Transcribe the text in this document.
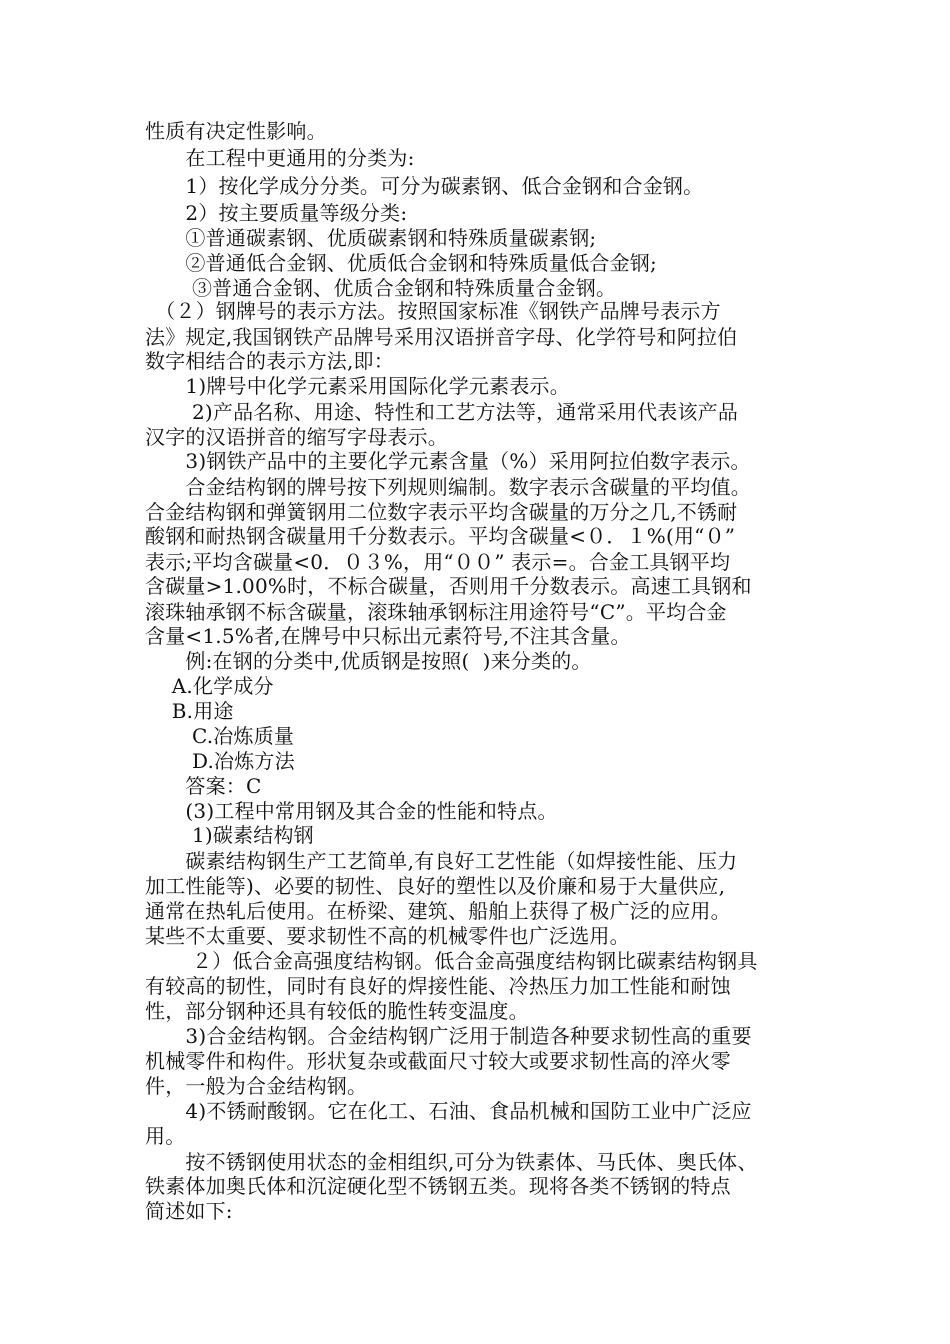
性质有决定性影响。
　　在工程中更通用的分类为:
　　1）按化学成分分类。可分为碳素钢、低合金钢和合金钢。
　　2）按主要质量等级分类:
　　①普通碳素钢、优质碳素钢和特殊质量碳素钢;
　　②普通低合金钢、优质低合金钢和特殊质量低合金钢;
　　 ③普通合金钢、优质合金钢和特殊质量合金钢。
　（２）钢牌号的表示方法。按照国家标准《钢铁产品牌号表示方
法》规定,我国钢铁产品牌号采用汉语拼音字母、化学符号和阿拉伯
数字相结合的表示方法,即：
　　1)牌号中化学元素采用国际化学元素表示。
　　 2)产品名称、用途、特性和工艺方法等，通常采用代表该产品
汉字的汉语拼音的缩写字母表示。
　　3)钢铁产品中的主要化学元素含量（%）采用阿拉伯数字表示。
　　合金结构钢的牌号按下列规则编制。数字表示含碳量的平均值。
合金结构钢和弹簧钢用二位数字表示平均含碳量的万分之几,不锈耐
酸钢和耐热钢含碳量用千分数表示。平均含碳量<０．１%(用“０”
表示;平均含碳量<0．０３%，用“００” 表示=。合金工具钢平均
含碳量>1.00%时，不标合碳量，否则用千分数表示。高速工具钢和
滚珠轴承钢不标含碳量，滚珠轴承钢标注用途符号“C”。平均合金
含量<1.5%者,在牌号中只标出元素符号,不注其含量。
　　例:在钢的分类中,优质钢是按照(  )来分类的。
　 A.化学成分
　 B.用途
　　 C.冶炼质量
　　 D.冶炼方法
　　答案：C
　　(3)工程中常用钢及其合金的性能和特点。
　　 1)碳素结构钢
　　碳素结构钢生产工艺简单,有良好工艺性能（如焊接性能、压力
加工性能等)、必要的韧性、良好的塑性以及价廉和易于大量供应,
通常在热轧后使用。在桥梁、建筑、船舶上获得了极广泛的应用。
某些不太重要、要求韧性不高的机械零件也广泛选用。
　　 ２）低合金高强度结构钢。低合金高强度结构钢比碳素结构钢具
有较高的韧性，同时有良好的焊接性能、冷热压力加工性能和耐蚀
性，部分钢种还具有较低的脆性转变温度。
　　3)合金结构钢。合金结构钢广泛用于制造各种要求韧性高的重要
机械零件和构件。形状复杂或截面尺寸较大或要求韧性高的淬火零
件，一般为合金结构钢。
　　4)不锈耐酸钢。它在化工、石油、食品机械和国防工业中广泛应
用。
　　按不锈钢使用状态的金相组织,可分为铁素体、马氏体、奥氏体、
铁素体加奥氏体和沉淀硬化型不锈钢五类。现将各类不锈钢的特点
简述如下:
